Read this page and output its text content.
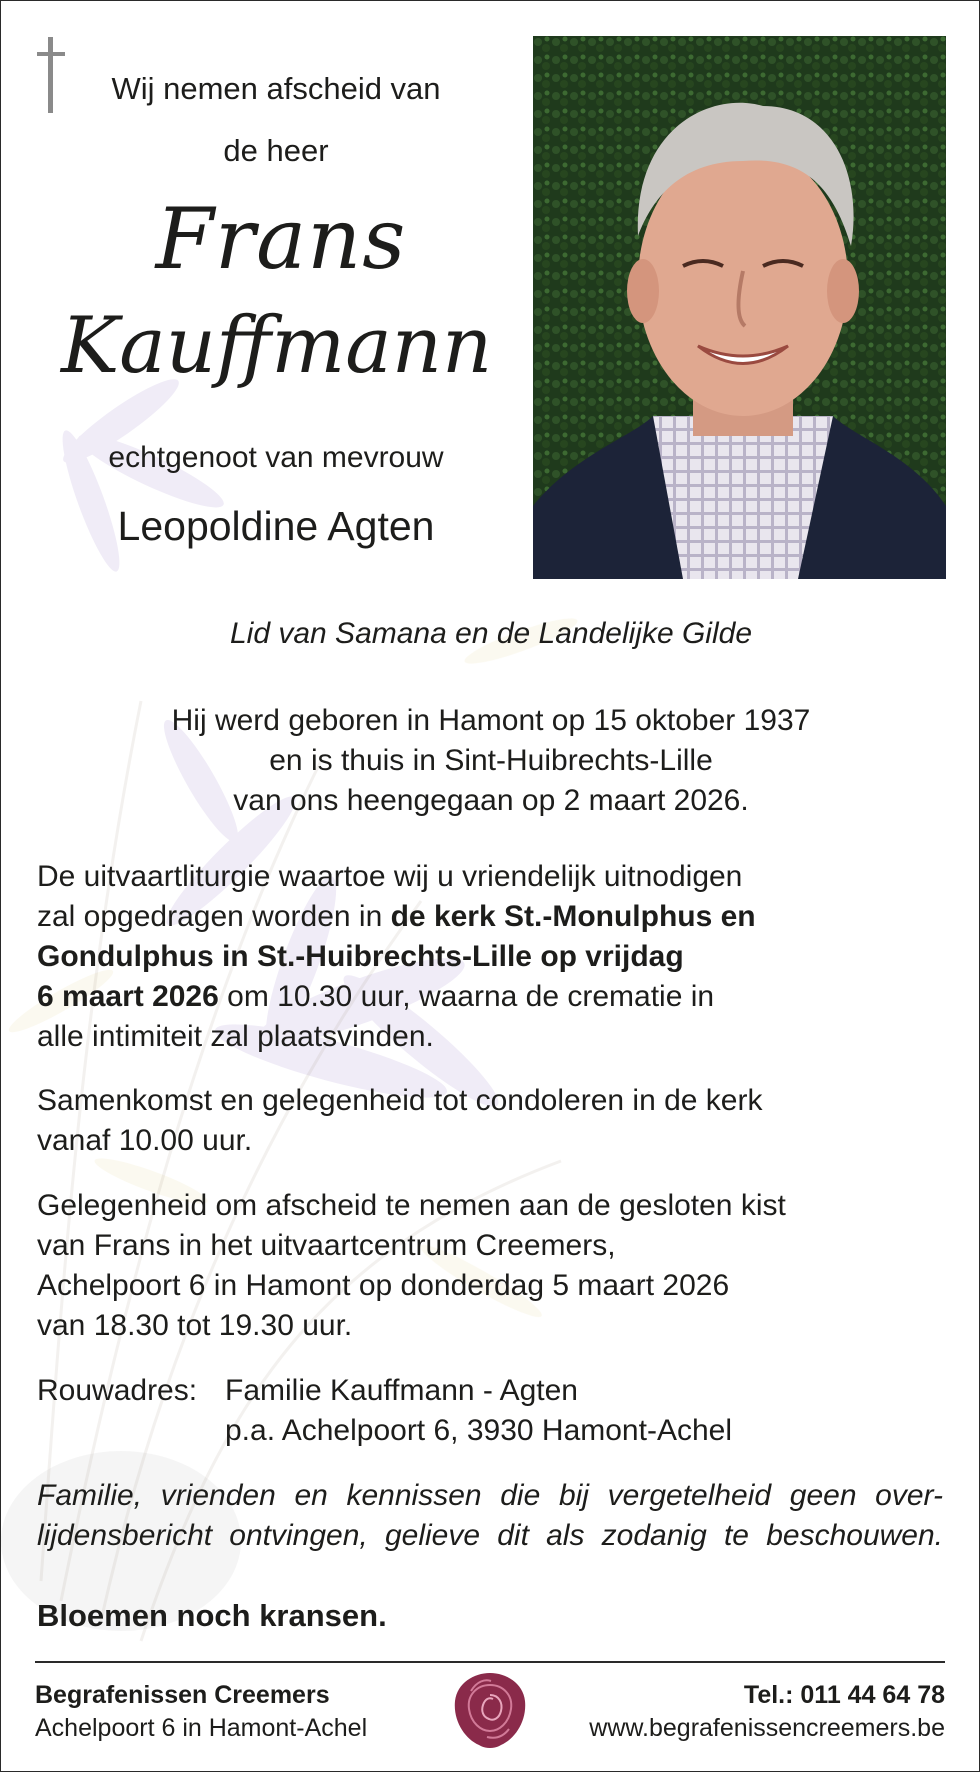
Wij nemen afscheid van
de heer
Frans
Kauffmann
echtgenoot van mevrouw
Leopoldine Agten
Lid van Samana en de Landelijke Gilde
Hij werd geboren in Hamont op 15 oktober 1937
en is thuis in Sint-Huibrechts-Lille
van ons heengegaan op 2 maart 2026.
De uitvaartliturgie waartoe wij u vriendelijk uitnodigen
zal opgedragen worden in de kerk St.-Monulphus en
Gondulphus in St.-Huibrechts-Lille op vrijdag
6 maart 2026 om 10.30 uur, waarna de crematie in
alle intimiteit zal plaatsvinden.
Samenkomst en gelegenheid tot condoleren in de kerk
vanaf 10.00 uur.
Gelegenheid om afscheid te nemen aan de gesloten kist
van Frans in het uitvaartcentrum Creemers,
Achelpoort 6 in Hamont op donderdag 5 maart 2026
van 18.30 tot 19.30 uur.
Rouwadres: Familie Kauffmann - Agten
p.a. Achelpoort 6, 3930 Hamont-Achel
Familie, vrienden en kennissen die bij vergetelheid geen over-
lijdensbericht ontvingen, gelieve dit als zodanig te beschouwen.
Bloemen noch kransen.
Begrafenissen Creemers
Achelpoort 6 in Hamont-Achel
Tel.: 011 44 64 78
www.begrafenissencreemers.be
